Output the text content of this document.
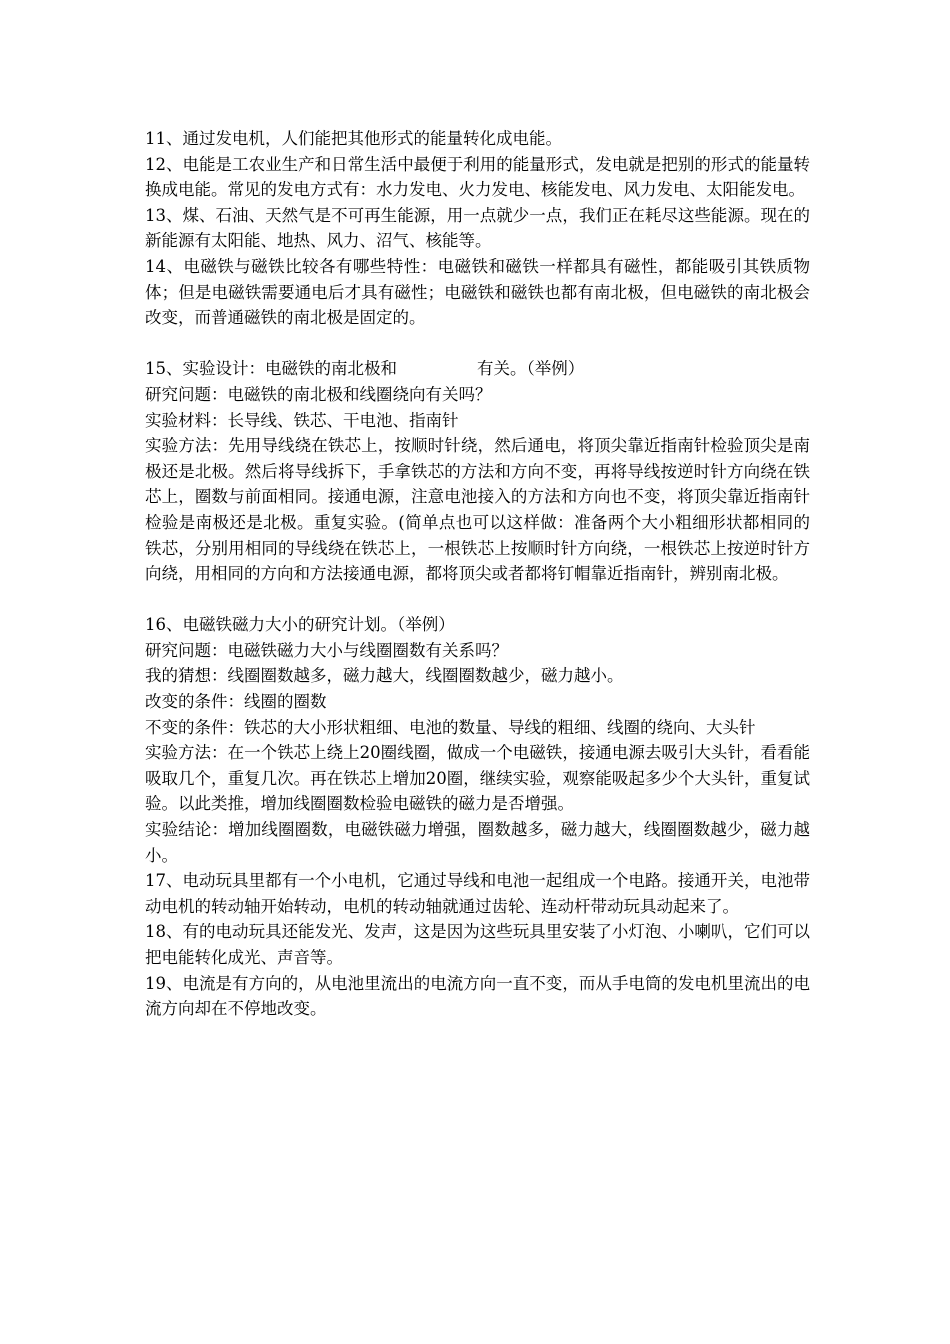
11、通过发电机，人们能把其他形式的能量转化成电能。

12、电能是工农业生产和日常生活中最便于利用的能量形式，发电就是把别的形式的能量转换成电能。常见的发电方式有：水力发电、火力发电、核能发电、风力发电、太阳能发电。

13、煤、石油、天然气是不可再生能源，用一点就少一点，我们正在耗尽这些能源。现在的新能源有太阳能、地热、风力、沼气、核能等。

14、电磁铁与磁铁比较各有哪些特性：电磁铁和磁铁一样都具有磁性，都能吸引其铁质物体；但是电磁铁需要通电后才具有磁性；电磁铁和磁铁也都有南北极，但电磁铁的南北极会改变，而普通磁铁的南北极是固定的。

15、实验设计：电磁铁的南北极和	有关。（举例）

研究问题：电磁铁的南北极和线圈绕向有关吗？

实验材料：长导线、铁芯、干电池、指南针

实验方法：先用导线绕在铁芯上，按顺时针绕，然后通电，将顶尖靠近指南针检验顶尖是南极还是北极。然后将导线拆下，手拿铁芯的方法和方向不变，再将导线按逆时针方向绕在铁芯上，圈数与前面相同。接通电源，注意电池接入的方法和方向也不变，将顶尖靠近指南针检验是南极还是北极。重复实验。(简单点也可以这样做：准备两个大小粗细形状都相同的铁芯，分别用相同的导线绕在铁芯上，一根铁芯上按顺时针方向绕，一根铁芯上按逆时针方向绕，用相同的方向和方法接通电源，都将顶尖或者都将钉帽靠近指南针，辨别南北极。

16、电磁铁磁力大小的研究计划。（举例）

研究问题：电磁铁磁力大小与线圈圈数有关系吗？

我的猜想：线圈圈数越多，磁力越大，线圈圈数越少，磁力越小。

改变的条件：线圈的圈数

不变的条件：铁芯的大小形状粗细、电池的数量、导线的粗细、线圈的绕向、大头针

实验方法：在一个铁芯上绕上20圈线圈，做成一个电磁铁，接通电源去吸引大头针，看看能吸取几个，重复几次。再在铁芯上增加20圈，继续实验，观察能吸起多少个大头针，重复试验。以此类推，增加线圈圈数检验电磁铁的磁力是否增强。

实验结论：增加线圈圈数，电磁铁磁力增强，圈数越多，磁力越大，线圈圈数越少，磁力越小。

17、电动玩具里都有一个小电机，它通过导线和电池一起组成一个电路。接通开关，电池带动电机的转动轴开始转动，电机的转动轴就通过齿轮、连动杆带动玩具动起来了。

18、有的电动玩具还能发光、发声，这是因为这些玩具里安装了小灯泡、小喇叭，它们可以把电能转化成光、声音等。

19、电流是有方向的，从电池里流出的电流方向一直不变，而从手电筒的发电机里流出的电流方向却在不停地改变。
